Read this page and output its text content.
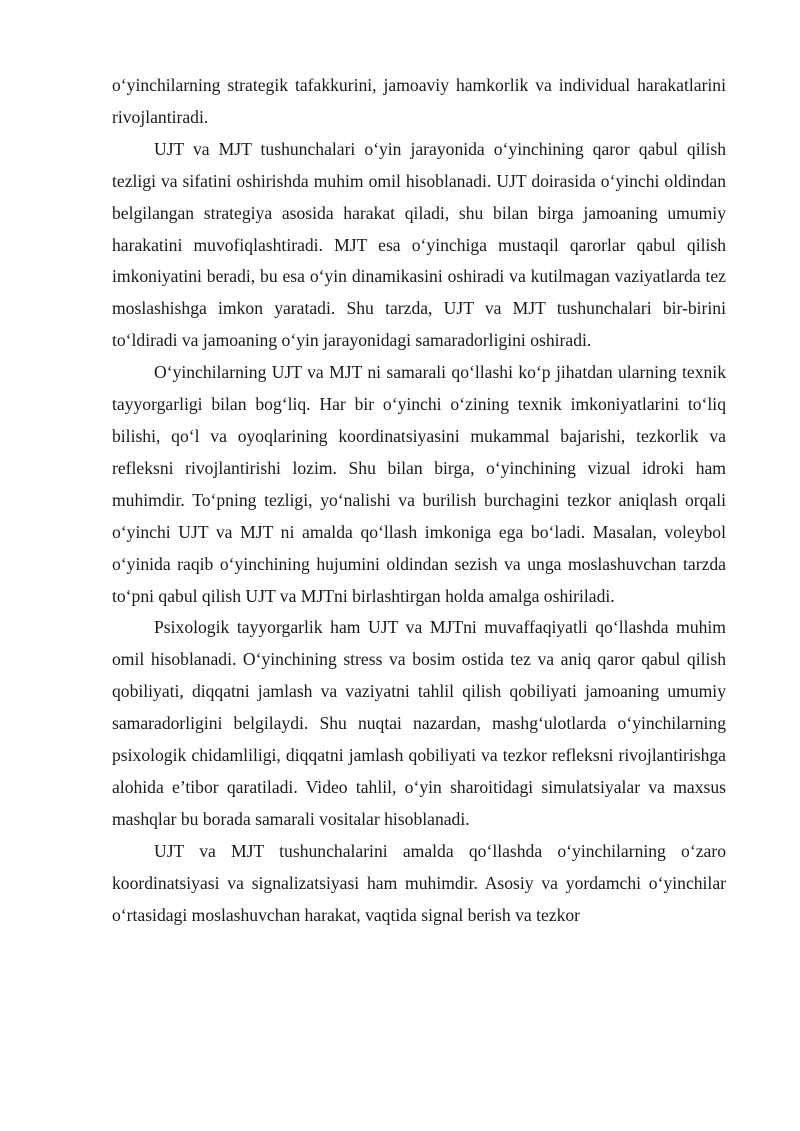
o‘yinchilarning strategik tafakkurini, jamoaviy hamkorlik va individual harakatlarini rivojlantiradi.

UJT va MJT tushunchalari o‘yin jarayonida o‘yinchining qaror qabul qilish tezligi va sifatini oshirishda muhim omil hisoblanadi. UJT doirasida o‘yinchi oldindan belgilangan strategiya asosida harakat qiladi, shu bilan birga jamoaning umumiy harakatini muvofiqlashtiradi. MJT esa o‘yinchiga mustaqil qarorlar qabul qilish imkoniyatini beradi, bu esa o‘yin dinamikasini oshiradi va kutilmagan vaziyatlarda tez moslashishga imkon yaratadi. Shu tarzda, UJT va MJT tushunchalari bir-birini to‘ldiradi va jamoaning o‘yin jarayonidagi samaradorligini oshiradi.

O‘yinchilarning UJT va MJT ni samarali qo‘llashi ko‘p jihatdan ularning texnik tayyorgarligi bilan bog‘liq. Har bir o‘yinchi o‘zining texnik imkoniyatlarini to‘liq bilishi, qo‘l va oyoqlarining koordinatsiyasini mukammal bajarishi, tezkorlik va refleksni rivojlantirishi lozim. Shu bilan birga, o‘yinchining vizual idroki ham muhimdir. To‘pning tezligi, yo‘nalishi va burilish burchagini tezkor aniqlash orqali o‘yinchi UJT va MJT ni amalda qo‘llash imkoniga ega bo‘ladi. Masalan, voleybol o‘yinida raqib o‘yinchining hujumini oldindan sezish va unga moslashuvchan tarzda to‘pni qabul qilish UJT va MJTni birlashtirgan holda amalga oshiriladi.

Psixologik tayyorgarlik ham UJT va MJTni muvaffaqiyatli qo‘llashda muhim omil hisoblanadi. O‘yinchining stress va bosim ostida tez va aniq qaror qabul qilish qobiliyati, diqqatni jamlash va vaziyatni tahlil qilish qobiliyati jamoaning umumiy samaradorligini belgilaydi. Shu nuqtai nazardan, mashg‘ulotlarda o‘yinchilarning psixologik chidamliligi, diqqatni jamlash qobiliyati va tezkor refleksni rivojlantirishga alohida e’tibor qaratiladi. Video tahlil, o‘yin sharoitidagi simulatsiyalar va maxsus mashqlar bu borada samarali vositalar hisoblanadi.

UJT va MJT tushunchalarini amalda qo‘llashda o‘yinchilarning o‘zaro koordinatsiyasi va signalizatsiyasi ham muhimdir. Asosiy va yordamchi o‘yinchilar o‘rtasidagi moslashuvchan harakat, vaqtida signal berish va tezkor
